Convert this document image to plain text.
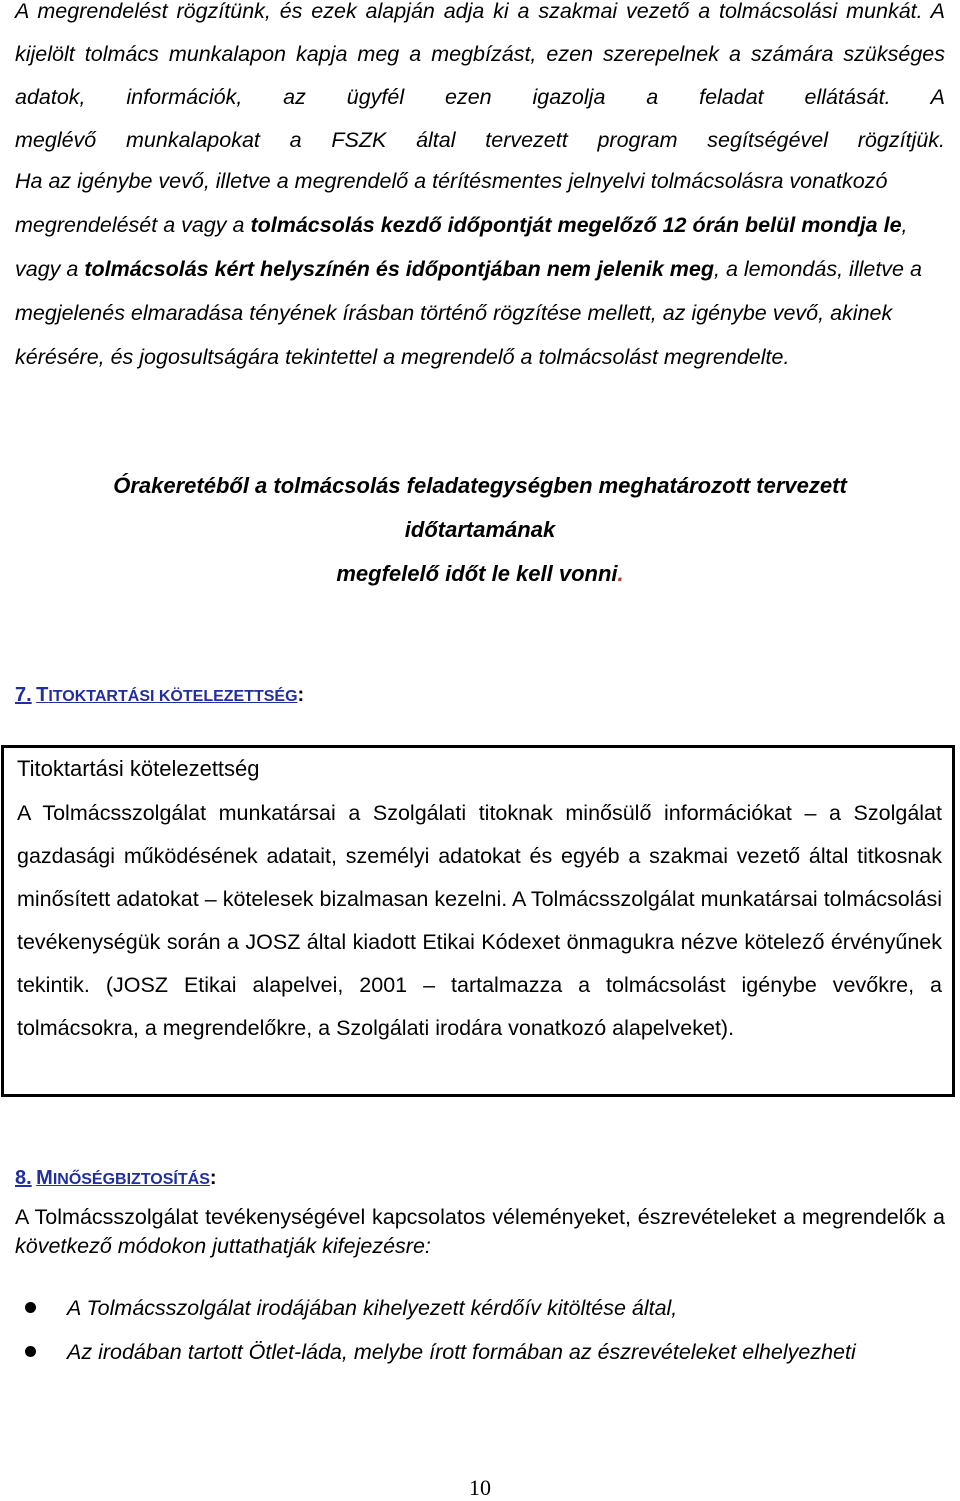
A megrendelést rögzítünk, és ezek alapján adja ki a szakmai vezető a tolmácsolási munkát. A kijelölt tolmács munkalapon kapja meg a megbízást, ezen szerepelnek a számára szükséges adatok, információk, az ügyfél ezen igazolja a feladat ellátását. A
meglévő munkalapokat a FSZK által tervezett program segítségével rögzítjük.

Ha az igénybe vevő, illetve a megrendelő a térítésmentes jelnyelvi tolmácsolásra vonatkozó megrendelését a vagy a tolmácsolás kezdő időpontját megelőző 12 órán belül mondja le, vagy a tolmácsolás kért helyszínén és időpontjában nem jelenik meg, a lemondás, illetve a megjelenés elmaradása tényének írásban történő rögzítése mellett, az igénybe vevő, akinek kérésére, és jogosultságára tekintettel a megrendelő a tolmácsolást megrendelte.

Órakeretéből a tolmácsolás feladategységben meghatározott tervezett
időtartamának
megfelelő időt le kell vonni.
7. TITOKTARTÁSI KÖTELEZETTSÉG:
Titoktartási kötelezettség

A Tolmácsszolgálat munkatársai a Szolgálati titoknak minősülő információkat – a Szolgálat gazdasági működésének adatait, személyi adatokat és egyéb a szakmai vezető által titkosnak minősített adatokat – kötelesek bizalmasan kezelni. A Tolmácsszolgálat munkatársai tolmácsolási tevékenységük során a JOSZ által kiadott Etikai Kódexet önmagukra nézve kötelező érvényűnek tekintik. (JOSZ Etikai alapelvei, 2001 – tartalmazza a tolmácsolást igénybe vevőkre, a tolmácsokra, a megrendelőkre, a Szolgálati irodára vonatkozó alapelveket).

8. MINŐSÉGBIZTOSÍTÁS:

A Tolmácsszolgálat tevékenységével kapcsolatos véleményeket, észrevételeket a megrendelők a következő módokon juttathatják kifejezésre:

A Tolmácsszolgálat irodájában kihelyezett kérdőív kitöltése által,
Az irodában tartott Ötlet-láda, melybe írott formában az észrevételeket elhelyezheti
10
